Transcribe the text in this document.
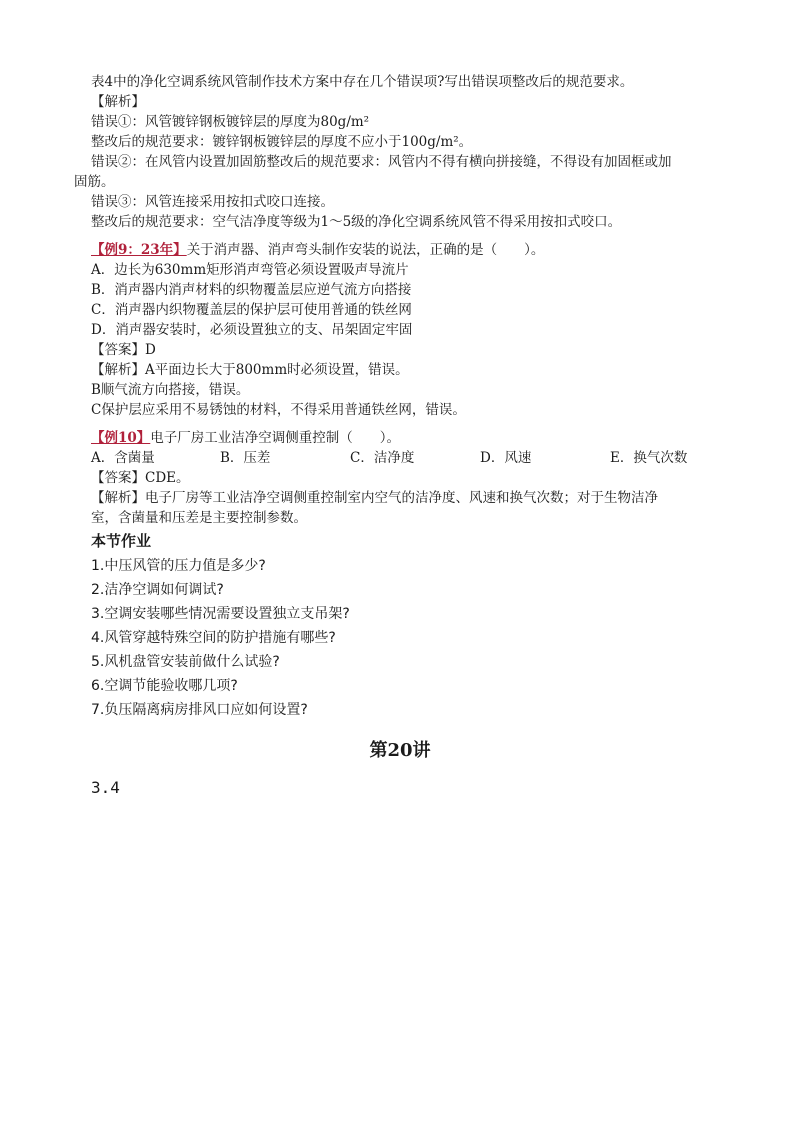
表4中的净化空调系统风管制作技术方案中存在几个错误项?写出错误项整改后的规范要求。
【解析】
错误①：风管镀锌钢板镀锌层的厚度为80g/m²
整改后的规范要求：镀锌钢板镀锌层的厚度不应小于100g/m²。
错误②：在风管内设置加固筋整改后的规范要求：风管内不得有横向拼接缝，不得设有加固框或加
固筋。
错误③：风管连接采用按扣式咬口连接。
整改后的规范要求：空气洁净度等级为1～5级的净化空调系统风管不得采用按扣式咬口。
【例9：23年】关于消声器、消声弯头制作安装的说法，正确的是（　　）。
A．边长为630mm矩形消声弯管必须设置吸声导流片
B．消声器内消声材料的织物覆盖层应逆气流方向搭接
C．消声器内织物覆盖层的保护层可使用普通的铁丝网
D．消声器安装时，必须设置独立的支、吊架固定牢固
【答案】D
【解析】A平面边长大于800mm时必须设置，错误。
B顺气流方向搭接，错误。
C保护层应采用不易锈蚀的材料，不得采用普通铁丝网，错误。
【例10】电子厂房工业洁净空调侧重控制（　　）。
A．含菌量	B．压差	C．洁净度	D．风速	E．换气次数
【答案】CDE。
【解析】电子厂房等工业洁净空调侧重控制室内空气的洁净度、风速和换气次数；对于生物洁净
室，含菌量和压差是主要控制参数。
本节作业
1.中压风管的压力值是多少?
2.洁净空调如何调试?
3.空调安装哪些情况需要设置独立支吊架?
4.风管穿越特殊空间的防护措施有哪些?
5.风机盘管安装前做什么试验?
6.空调节能验收哪几项?
7.负压隔离病房排风口应如何设置?
第20讲
3.4
